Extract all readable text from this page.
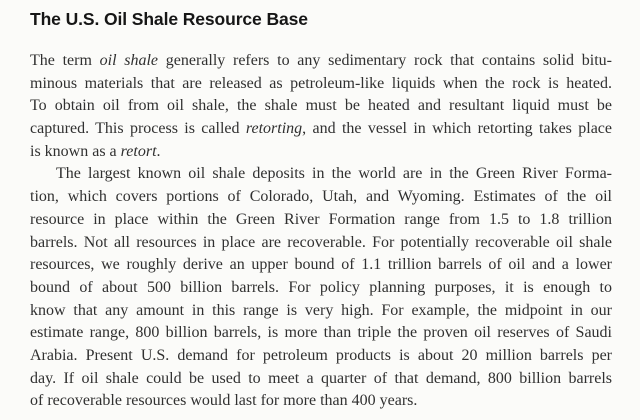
The U.S. Oil Shale Resource Base
The term oil shale generally refers to any sedimentary rock that contains solid bitu-
minous materials that are released as petroleum-like liquids when the rock is heated.
To obtain oil from oil shale, the shale must be heated and resultant liquid must be
captured. This process is called retorting, and the vessel in which retorting takes place
is known as a retort.
The largest known oil shale deposits in the world are in the Green River Forma-
tion, which covers portions of Colorado, Utah, and Wyoming. Estimates of the oil
resource in place within the Green River Formation range from 1.5 to 1.8 trillion
barrels. Not all resources in place are recoverable. For potentially recoverable oil shale
resources, we roughly derive an upper bound of 1.1 trillion barrels of oil and a lower
bound of about 500 billion barrels. For policy planning purposes, it is enough to
know that any amount in this range is very high. For example, the midpoint in our
estimate range, 800 billion barrels, is more than triple the proven oil reserves of Saudi
Arabia. Present U.S. demand for petroleum products is about 20 million barrels per
day. If oil shale could be used to meet a quarter of that demand, 800 billion barrels
of recoverable resources would last for more than 400 years.
